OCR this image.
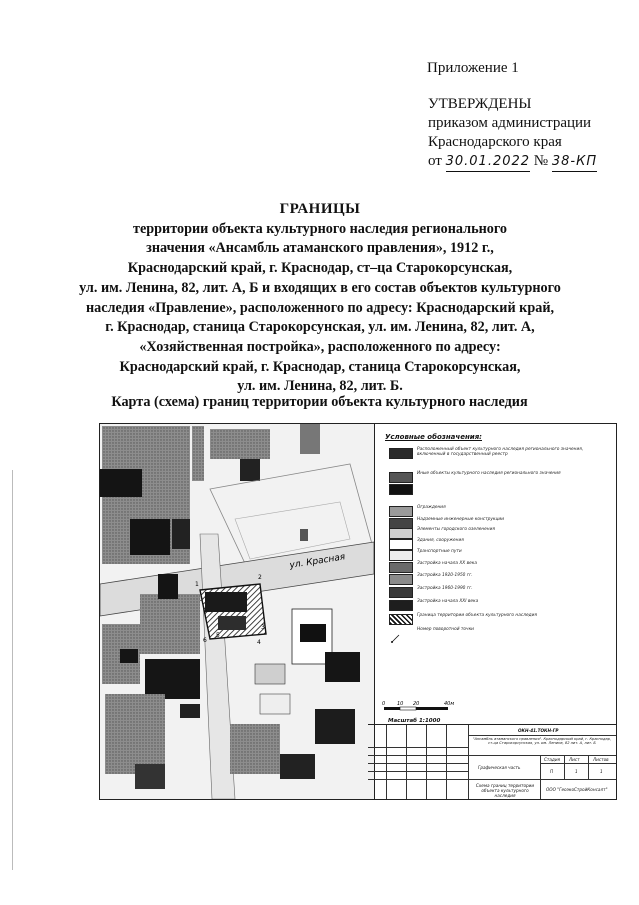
Приложение 1
УТВЕРЖДЕНЫ
приказом администрации
Краснодарского края
от 30.01.2022 № 38-КП
ГРАНИЦЫ
территории объекта культурного наследия регионального
значения «Ансамбль атаманского правления», 1912 г.,
Краснодарский край, г. Краснодар, ст–ца Старокорсунская,
ул. им. Ленина, 82, лит. А, Б и входящих в его состав объектов культурного
наследия «Правление», расположенного по адресу: Краснодарский край,
г. Краснодар, станица Старокорсунская, ул. им. Ленина, 82, лит. А,
«Хозяйственная постройка», расположенного по адресу:
Краснодарский край, г. Краснодар, станица Старокорсунская,
ул. им. Ленина, 82, лит. Б.
Карта (схема) границ территории объекта культурного наследия
ул. Красная
1
2
3
4
5
6
Условные обозначения:
Расположенный объект культурного наследия регионального значения, включенный в государственный реестр
Иные объекты культурного наследия регионального значения
Ограждения
Надземные инженерные конструкции
Элементы городского озеленения
Здания, сооружения
Транспортные пути
Застройка начала XX века
Застройка 1920-1950 гг.
Застройка 1960-1990 гг.
Застройка начала XXI века
Граница территории объекта культурного наследия
Номер поворотной точки
0 10 20	40м
Масштаб 1:1000
ОКН-41.ТОКН-ГР
"Ансамбль атаманского правления". Краснодарский край, г. Краснодар, ст-ца Старокорсунская, ул. им. Ленина, 82 лит. А, лит. Б
Графическая часть
Стадия Лист	Листов
П	1	1
Схема границ территории объекта культурного наследия
ООО "ГеоэкоСтройКонсалт"
